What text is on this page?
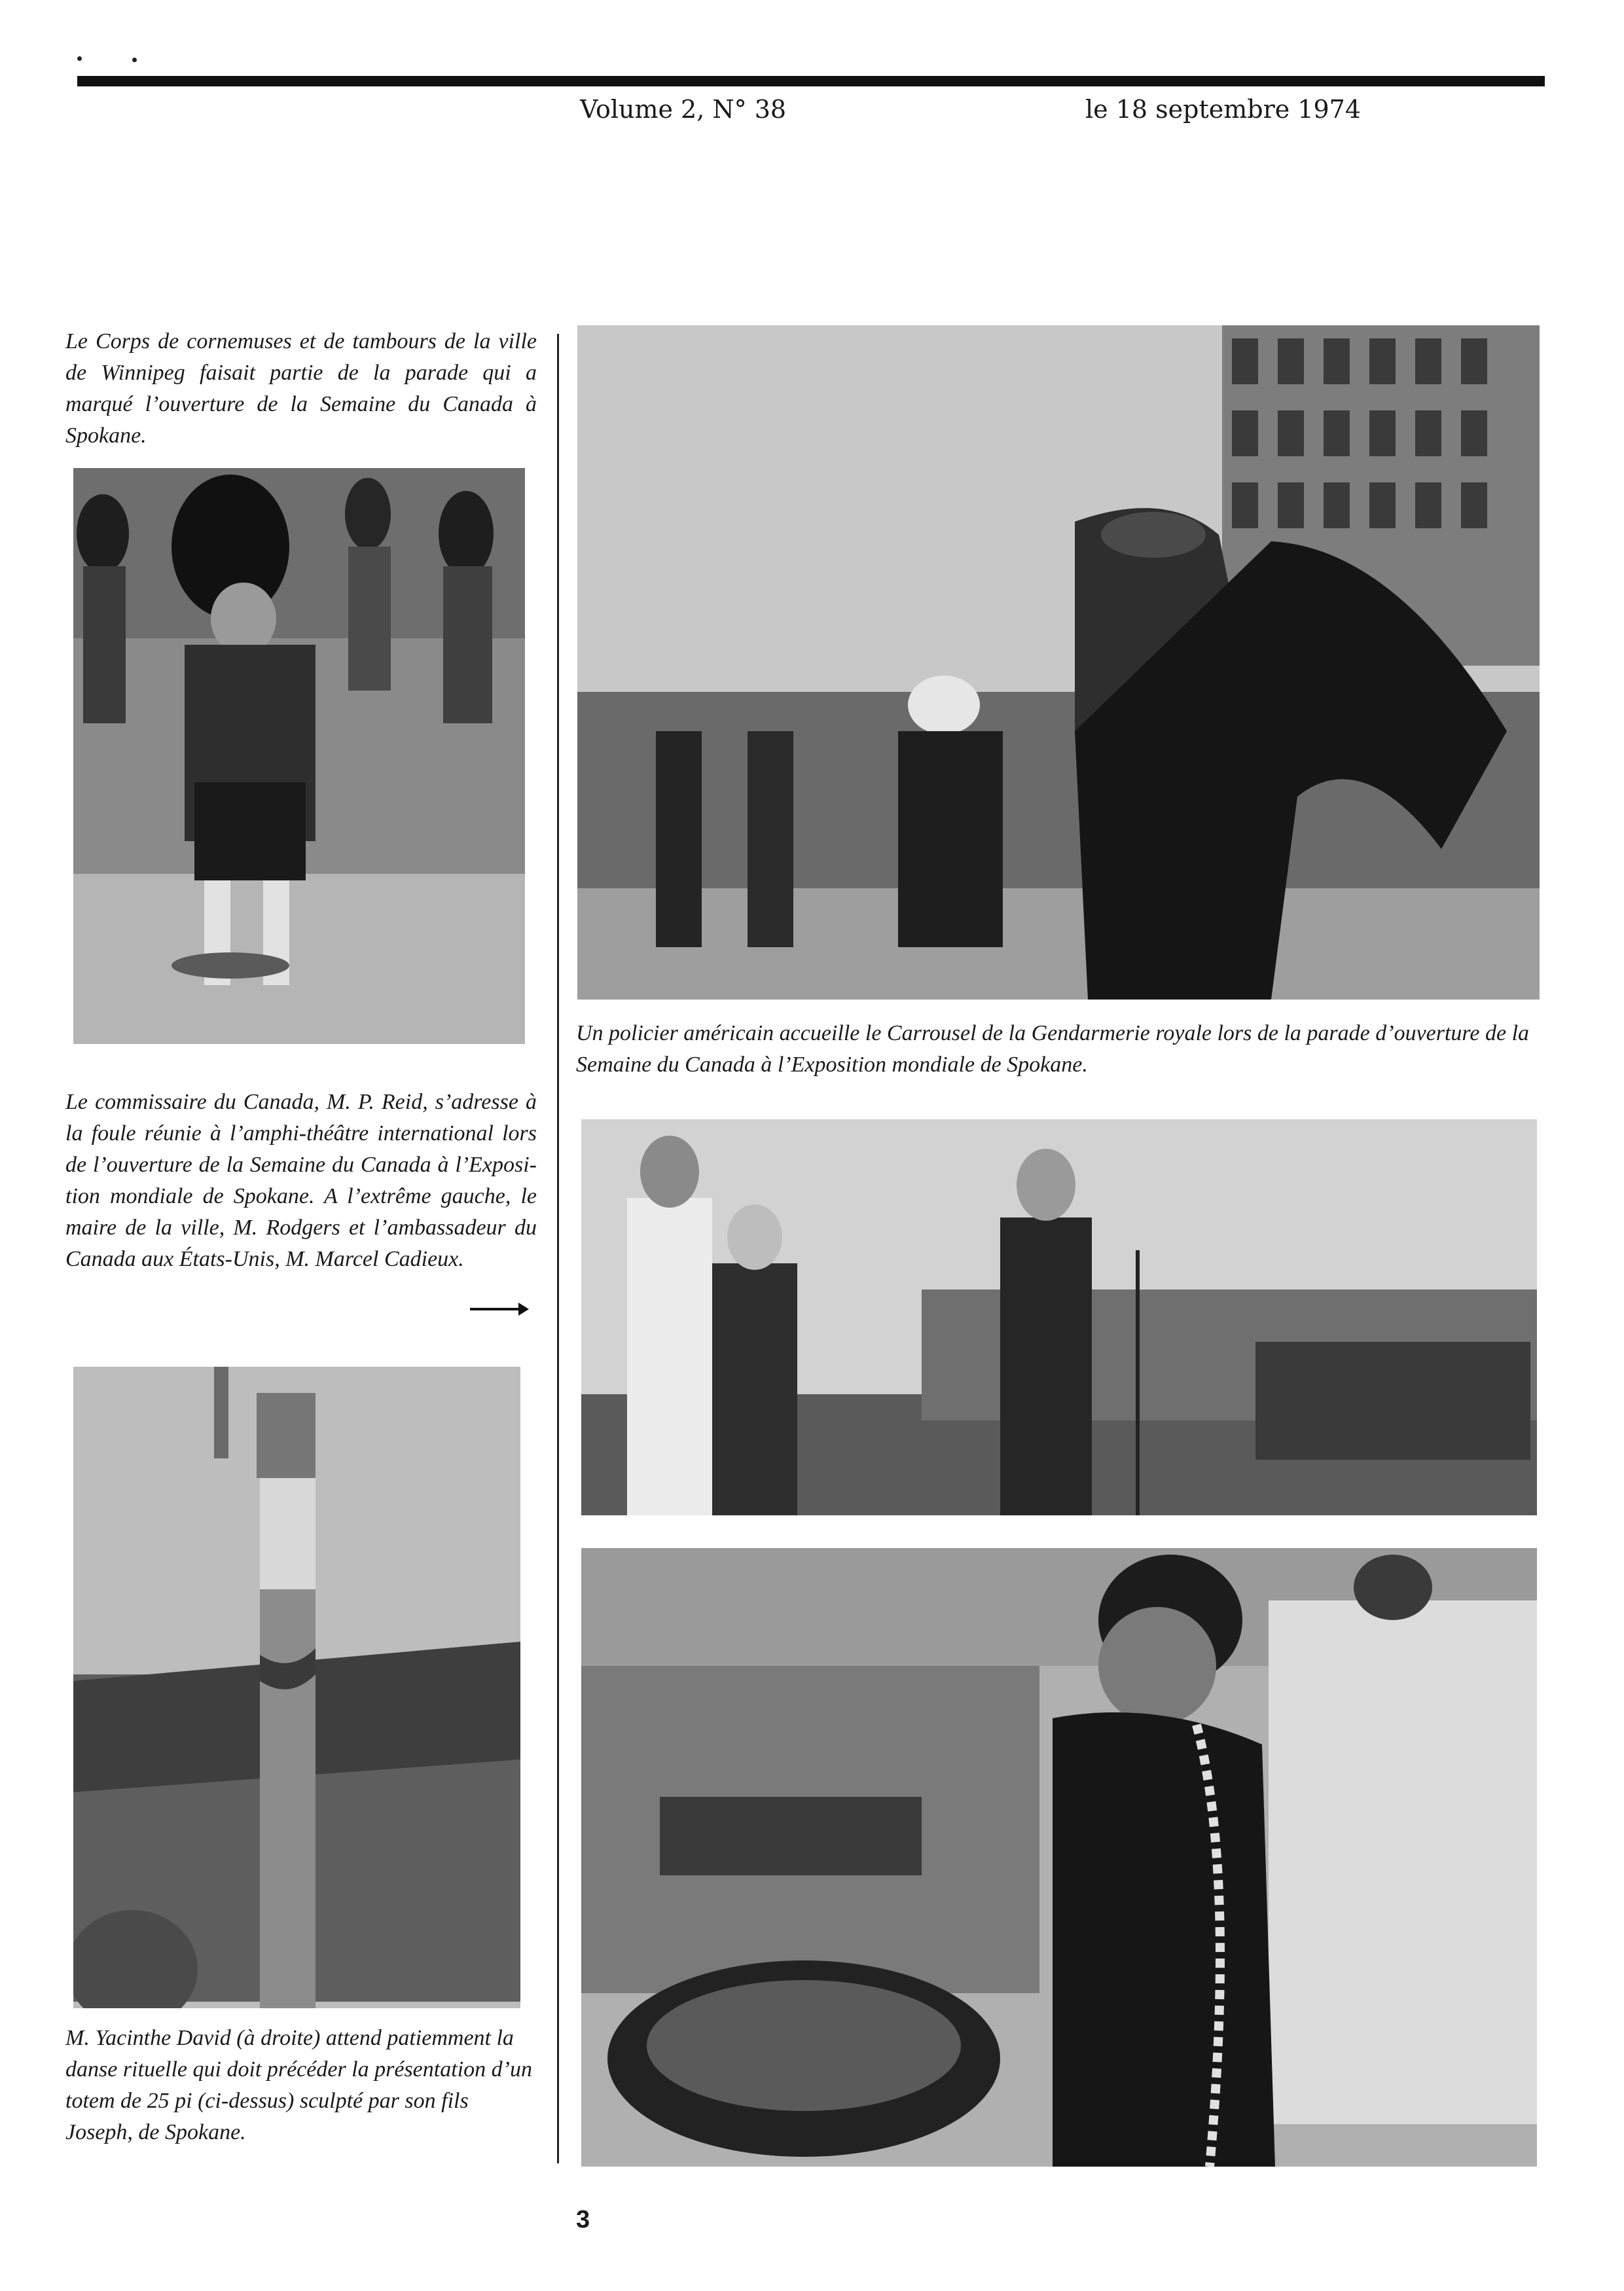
Volume 2, N° 38	le 18 septembre 1974

Le Corps de cornemuses et de tambours de la ville de Winnipeg faisait partie de la parade qui a marqué l’ouverture de la Semaine du Canada à Spokane.

Le commissaire du Canada, M. P. Reid, s’adresse à la foule réunie à l’amphi-théâtre international lors de l’ouverture de la Semaine du Canada à l’Exposi-tion mondiale de Spokane. A l’extrême gauche, le maire de la ville, M. Rodgers et l’ambassadeur du Canada aux États-Unis, M. Marcel Cadieux.

M. Yacinthe David (à droite) attend patiemment la danse rituelle qui doit précéder la présentation d’un totem de 25 pi (ci-dessus) sculpté par son fils Joseph, de Spokane.

Un policier américain accueille le Carrousel de la Gendarmerie royale lors de la parade d’ouverture de la Semaine du Canada à l’Exposition mondiale de Spokane.

3
